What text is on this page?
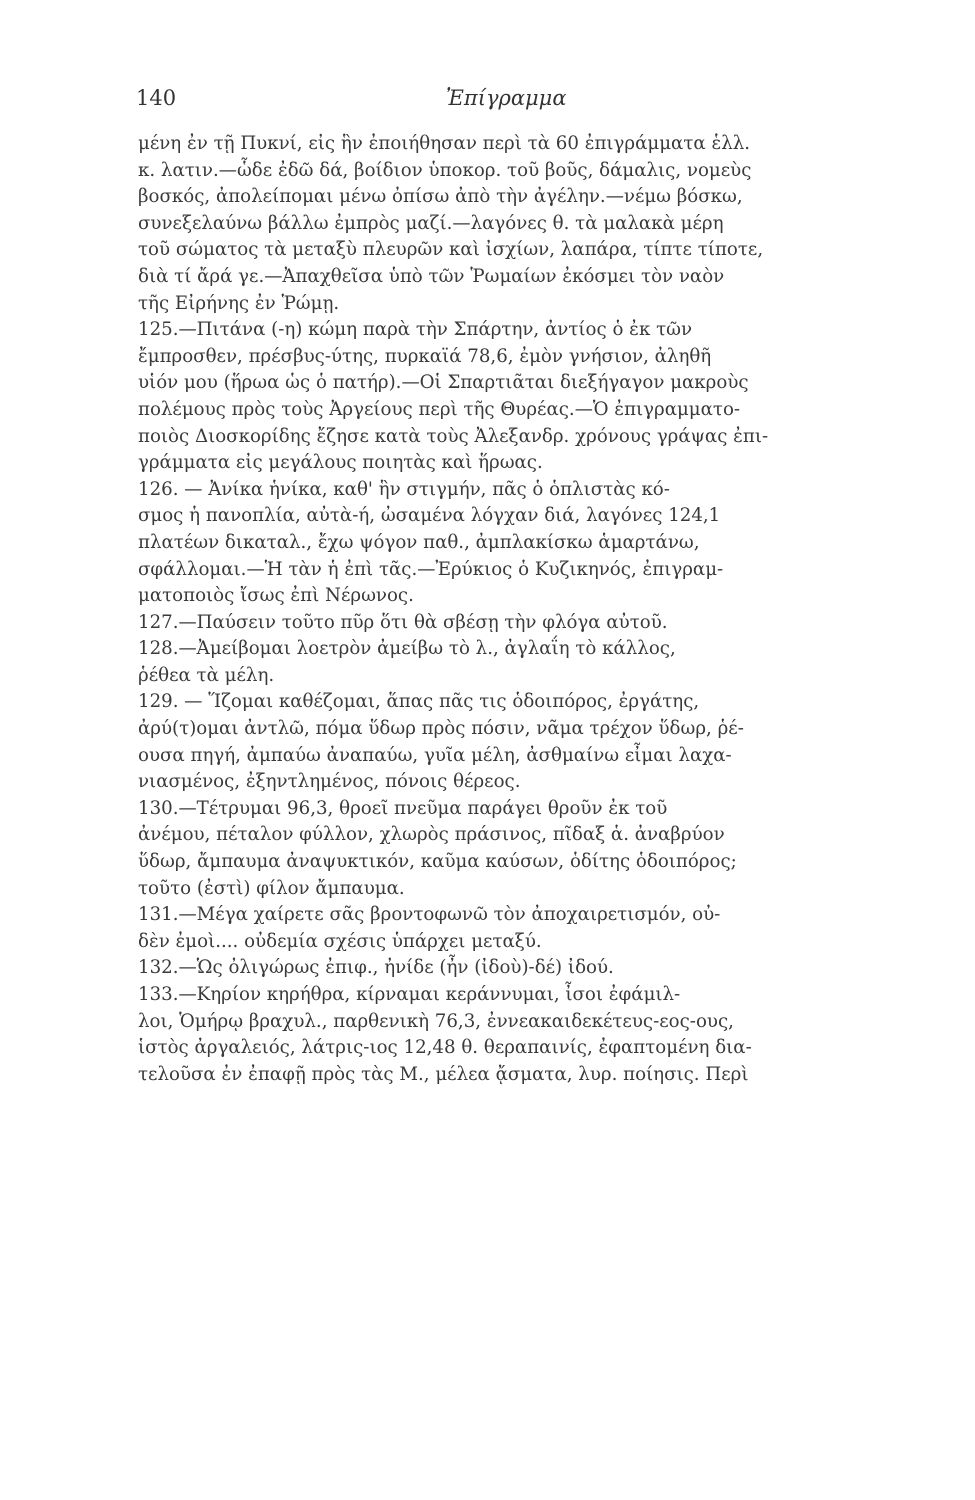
140	Ἐπίγραμμα
μένη ἐν τῇ Πυκνί, εἰς ἣν ἐποιήθησαν περὶ τὰ 60 ἐπιγράμματα ἑλλ.
κ. λατιν.—ὧδε ἐδῶ δά, βοίδιον ὑποκορ. τοῦ βοῦς, δάμαλις, νομεὺς
βοσκός, ἀπολείπομαι μένω ὀπίσω ἀπὸ τὴν ἀγέλην.—νέμω βόσκω,
συνεξελαύνω βάλλω ἐμπρὸς μαζί.—λαγόνες θ. τὰ μαλακὰ μέρη
τοῦ σώματος τὰ μεταξὺ πλευρῶν καὶ ἰσχίων, λαπάρα, τίπτε τίποτε,
διὰ τί ἄρά γε.—Ἀπαχθεῖσα ὑπὸ τῶν Ῥωμαίων ἐκόσμει τὸν ναὸν
τῆς Εἰρήνης ἐν Ῥώμῃ.
125.—Πιτάνα (-η) κώμη παρὰ τὴν Σπάρτην, ἀντίος ὁ ἐκ τῶν
ἔμπροσθεν, πρέσβυς-ύτης, πυρκαϊά 78,6, ἐμὸν γνήσιον, ἀληθῆ
υἱόν μου (ἥρωα ὡς ὁ πατήρ).—Οἱ Σπαρτιᾶται διεξήγαγον μακροὺς
πολέμους πρὸς τοὺς Ἀργείους περὶ τῆς Θυρέας.—Ὁ ἐπιγραμματο-
ποιὸς Διοσκορίδης ἔζησε κατὰ τοὺς Ἀλεξανδρ. χρόνους γράψας ἐπι-
γράμματα εἰς μεγάλους ποιητὰς καὶ ἥρωας.
126. — Ἀνίκα ἡνίκα, καθ' ἣν στιγμήν, πᾶς ὁ ὁπλιστὰς κό-
σμος ἡ πανοπλία, αὐτὰ-ή, ὠσαμένα λόγχαν διά, λαγόνες 124,1
πλατέων δικαταλ., ἔχω ψόγον παθ., ἀμπλακίσκω ἁμαρτάνω,
σφάλλομαι.—Ἡ τὰν ἡ ἐπὶ τᾶς.—Ἐρύκιος ὁ Κυζικηνός, ἐπιγραμ-
ματοποιὸς ἴσως ἐπὶ Νέρωνος.
127.—Παύσειν τοῦτο πῦρ ὅτι θὰ σβέσῃ τὴν φλόγα αὐτοῦ.
128.—Ἀμείβομαι λοετρὸν ἀμείβω τὸ λ., ἀγλαΐη τὸ κάλλος,
ῥέθεα τὰ μέλη.
129. — Ἵζομαι καθέζομαι, ἅπας πᾶς τις ὁδοιπόρος, ἐργάτης,
ἀρύ(τ)ομαι ἀντλῶ, πόμα ὕδωρ πρὸς πόσιν, νᾶμα τρέχον ὕδωρ, ῥέ-
ουσα πηγή, ἀμπαύω ἀναπαύω, γυῖα μέλη, ἀσθμαίνω εἶμαι λαχα-
νιασμένος, ἐξηντλημένος, πόνοις θέρεος.
130.—Τέτρυμαι 96,3, θροεῖ πνεῦμα παράγει θροῦν ἐκ τοῦ
ἀνέμου, πέταλον φύλλον, χλωρὸς πράσινος, πῖδαξ ἁ. ἀναβρύον
ὕδωρ, ἄμπαυμα ἀναψυκτικόν, καῦμα καύσων, ὁδίτης ὁδοιπόρος;
τοῦτο (ἐστὶ) φίλον ἄμπαυμα.
131.—Μέγα χαίρετε σᾶς βροντοφωνῶ τὸν ἀποχαιρετισμόν, οὐ-
δὲν ἐμοὶ.... οὐδεμία σχέσις ὑπάρχει μεταξύ.
132.—Ὡς ὀλιγώρως ἐπιφ., ἠνίδε (ἦν (ἰδοὺ)-δέ) ἰδού.
133.—Κηρίον κηρήθρα, κίρναμαι κεράννυμαι, ἶσοι ἐφάμιλ-
λοι, Ὁμήρῳ βραχυλ., παρθενικὴ 76,3, ἐννεακαιδεκέτευς-εος-ους,
ἱστὸς ἀργαλειός, λάτρις-ιος 12,48 θ. θεραπαινίς, ἐφαπτομένη δια-
τελοῦσα ἐν ἐπαφῇ πρὸς τὰς Μ., μέλεα ᾄσματα, λυρ. ποίησις. Περὶ
